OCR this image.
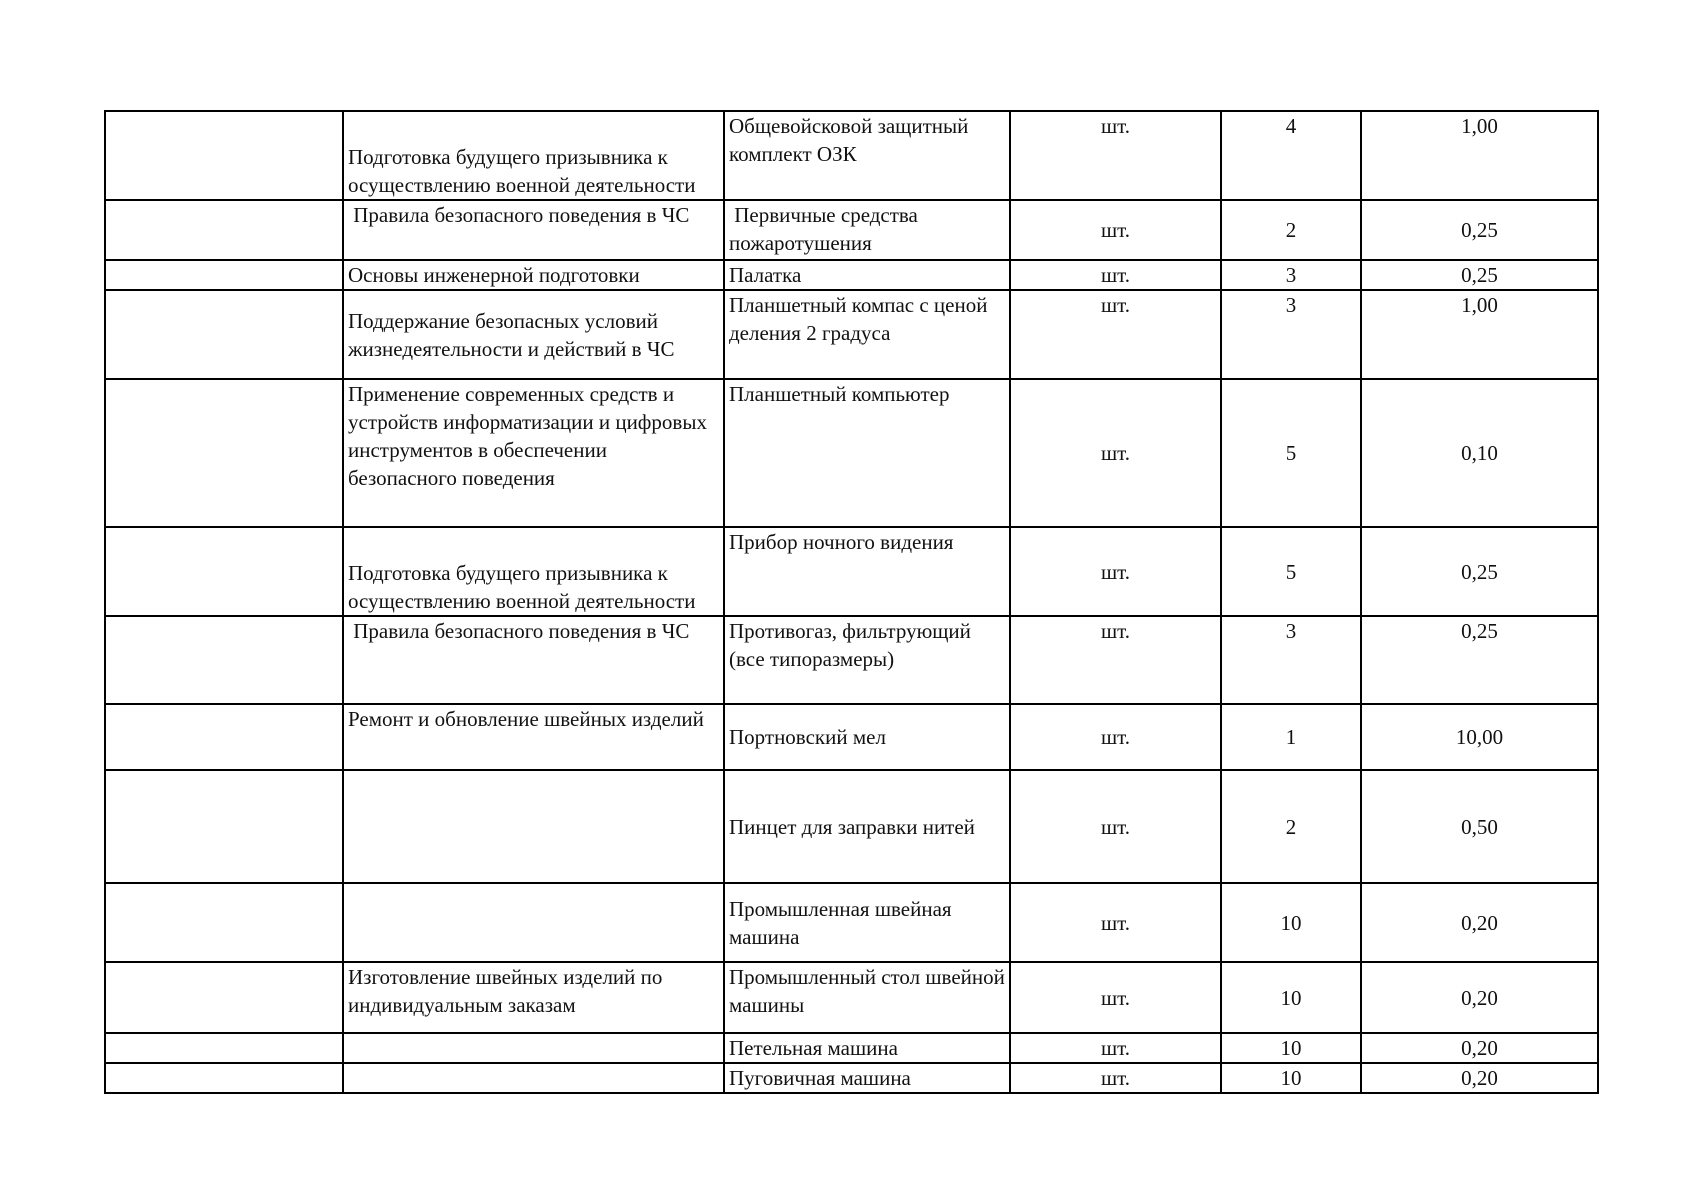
	Подготовка будущего призывника к осуществлению военной деятельности	Общевойсковой защитный комплект ОЗК	шт.	4	1,00
	Правила безопасного поведения в ЧС	Первичные средства пожаротушения	шт.	2	0,25
	Основы инженерной подготовки	Палатка	шт.	3	0,25
	Поддержание безопасных условий жизнедеятельности и действий в ЧС	Планшетный компас с ценой деления 2 градуса	шт.	3	1,00
	Применение современных средств и устройств информатизации и цифровых инструментов в обеспечении безопасного поведения	Планшетный компьютер	шт.	5	0,10
	Подготовка будущего призывника к осуществлению военной деятельности	Прибор ночного видения	шт.	5	0,25
	Правила безопасного поведения в ЧС	Противогаз, фильтрующий (все типоразмеры)	шт.	3	0,25
	Ремонт и обновление швейных изделий	Портновский мел	шт.	1	10,00
		Пинцет для заправки нитей	шт.	2	0,50
		Промышленная швейная машина	шт.	10	0,20
	Изготовление швейных изделий по индивидуальным заказам	Промышленный стол швейной машины	шт.	10	0,20
		Петельная машина	шт.	10	0,20
		Пуговичная машина	шт.	10	0,20
